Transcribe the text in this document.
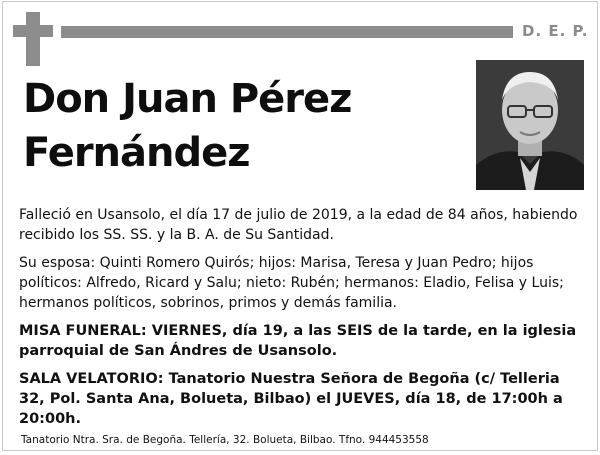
D. E. P.
Don Juan Pérez
Fernández

Falleció en Usansolo, el día 17 de julio de 2019, a la edad de 84 años, habiendo recibido los SS. SS. y la B. A. de Su Santidad.

Su esposa: Quinti Romero Quirós; hijos: Marisa, Teresa y Juan Pedro; hijos políticos: Alfredo, Ricard y Salu; nieto: Rubén; hermanos: Eladio, Felisa y Luis; hermanos políticos, sobrinos, primos y demás familia.

MISA FUNERAL: VIERNES, día 19, a las SEIS de la tarde, en la iglesia parroquial de San Ándres de Usansolo.

SALA VELATORIO: Tanatorio Nuestra Señora de Begoña (c/ Telleria 32, Pol. Santa Ana, Bolueta, Bilbao) el JUEVES, día 18, de 17:00h a 20:00h.

Tanatorio Ntra. Sra. de Begoña. Tellería, 32. Bolueta, Bilbao. Tfno. 944453558
